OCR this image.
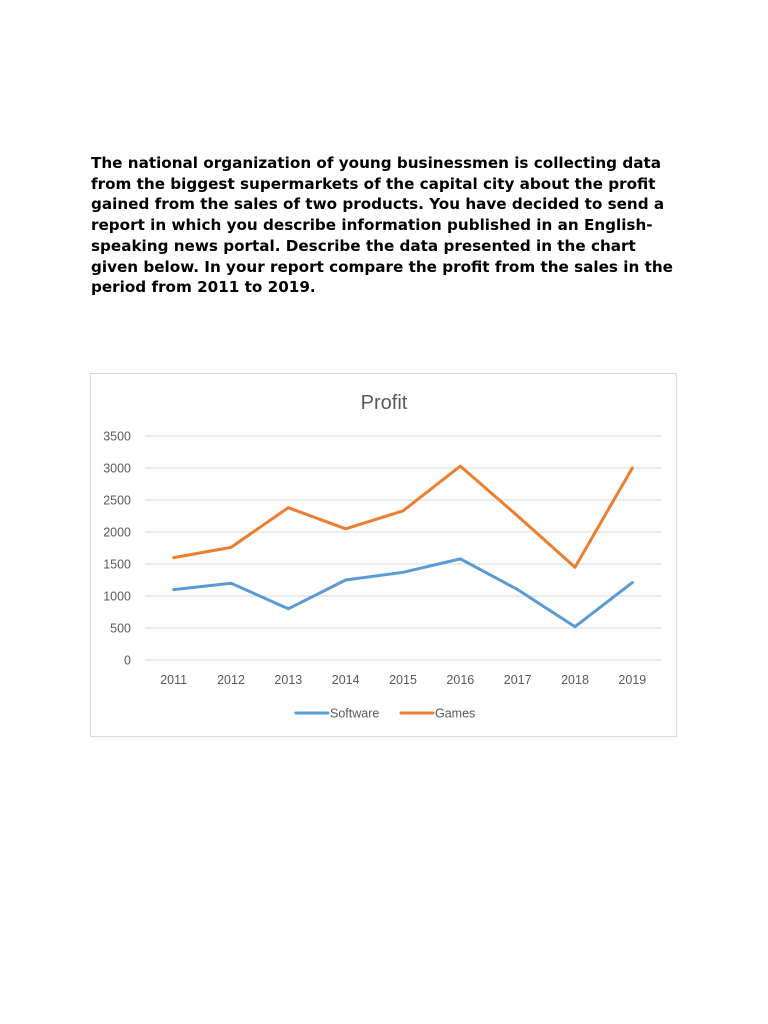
The national organization of young businessmen is collecting data from the biggest supermarkets of the capital city about the profit gained from the sales of two products. You have decided to send a report in which you describe information published in an English-speaking news portal. Describe the data presented in the chart given below. In your report compare the profit from the sales in the period from 2011 to 2019.

Profit
0
500
1000
1500
2000
2500
3000
3500
2011 2012 2013 2014 2015 2016 2017 2018 2019
Software	Games
